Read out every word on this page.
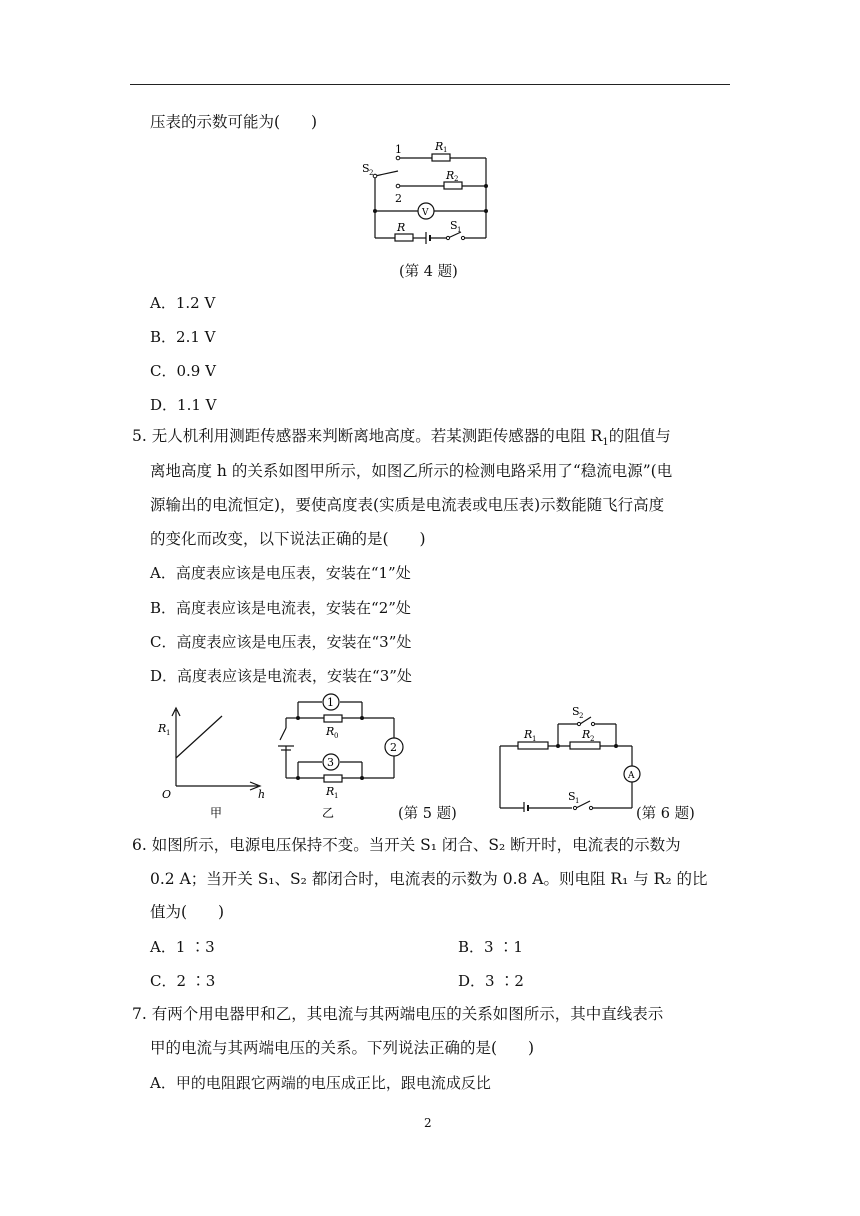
压表的示数可能为(　　)
1
2
S 2
R 1
R 2
V
R	S 1
(第 4 题)
A．1.2 V
B．2.1 V
C．0.9 V
D．1.1 V
5. 无人机利用测距传感器来判断离地高度。若某测距传感器的电阻 $R_1$的阻值与
离地高度 h 的关系如图甲所示，如图乙所示的检测电路采用了“稳流电源”(电
源输出的电流恒定)，要使高度表(实质是电流表或电压表)示数能随飞行高度
的变化而改变，以下说法正确的是(　　)
A．高度表应该是电压表，安装在“1”处
B．高度表应该是电流表，安装在“2”处
C．高度表应该是电压表，安装在“3”处
D．高度表应该是电流表，安装在“3”处
R 1
O	h
甲
1
2
3
R 0
R 1
乙	(第 5 题)
S 2
R 1	R 2
A
S 1
(第 6 题)
6. 如图所示，电源电压保持不变。当开关 S₁ 闭合、S₂ 断开时，电流表的示数为
0.2 A；当开关 S₁、S₂ 都闭合时，电流表的示数为 0.8 A。则电阻 R₁ 与 R₂ 的比
值为(　　)
A．1 ∶3	B．3 ∶1
C．2 ∶3	D．3 ∶2
7. 有两个用电器甲和乙，其电流与其两端电压的关系如图所示，其中直线表示
甲的电流与其两端电压的关系。下列说法正确的是(　　)
A．甲的电阻跟它两端的电压成正比，跟电流成反比
2
